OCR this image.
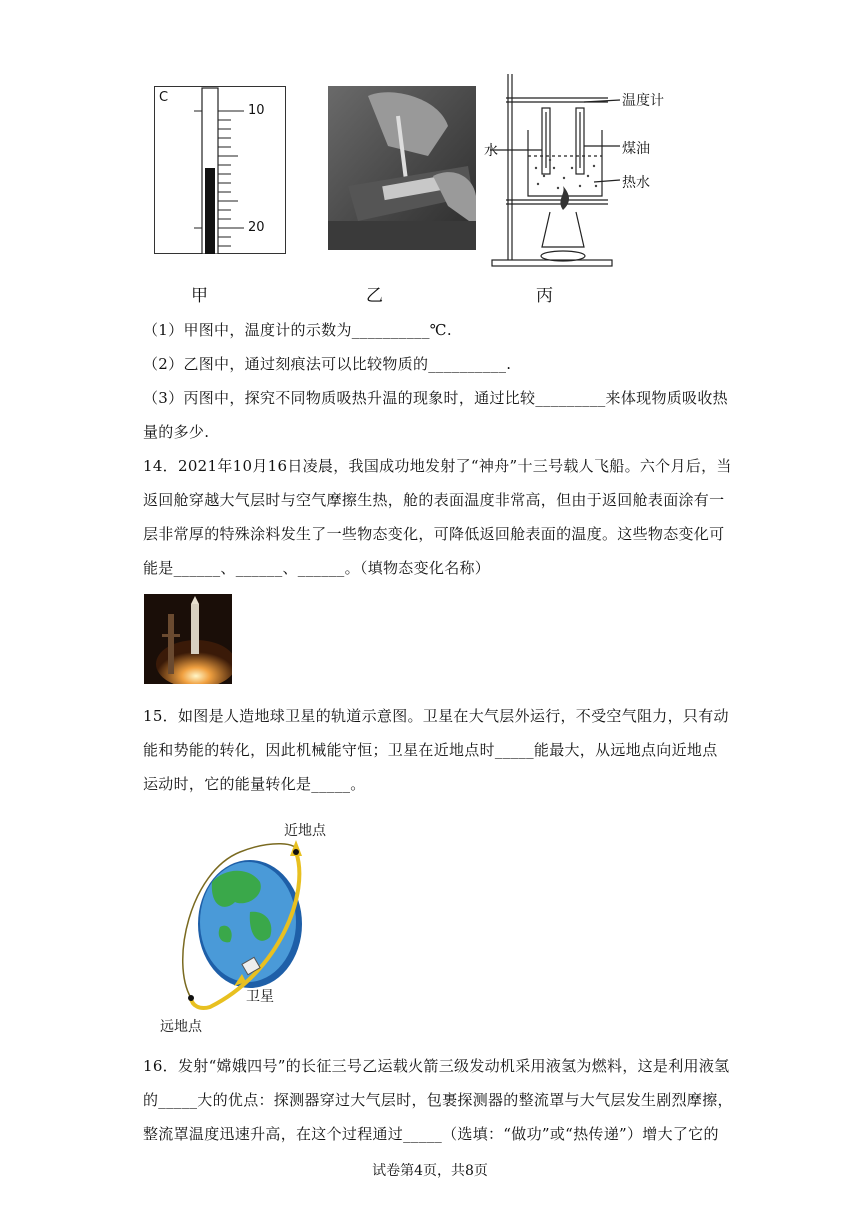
C
10
20
温度计
水	煤油
热水
甲	乙	丙
（1）甲图中，温度计的示数为__________℃.
（2）乙图中，通过刻痕法可以比较物质的__________.
（3）丙图中，探究不同物质吸热升温的现象时，通过比较_________来体现物质吸收热
量的多少.
14．2021年10月16日凌晨，我国成功地发射了“神舟”十三号载人飞船。六个月后，当
返回舱穿越大气层时与空气摩擦生热，舱的表面温度非常高，但由于返回舱表面涂有一
层非常厚的特殊涂料发生了一些物态变化，可降低返回舱表面的温度。这些物态变化可
能是______、______、______。（填物态变化名称）
15．如图是人造地球卫星的轨道示意图。卫星在大气层外运行，不受空气阻力，只有动
能和势能的转化，因此机械能守恒；卫星在近地点时_____能最大，从远地点向近地点
运动时，它的能量转化是_____。
近地点
卫星
远地点
16．发射“嫦娥四号”的长征三号乙运载火箭三级发动机采用液氢为燃料，这是利用液氢
的_____大的优点：探测器穿过大气层时，包裹探测器的整流罩与大气层发生剧烈摩擦，
整流罩温度迅速升高，在这个过程通过_____（选填：“做功”或“热传递”）增大了它的
试卷第4页，共8页
